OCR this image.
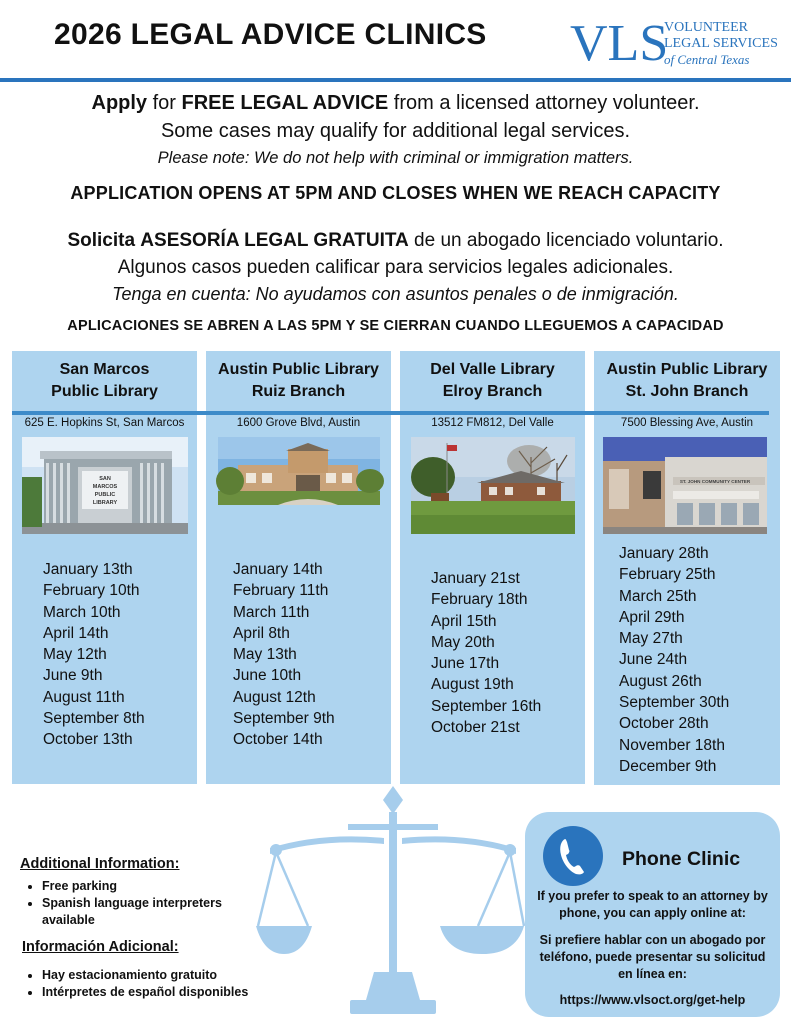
2026 LEGAL ADVICE CLINICS VLS
VOLUNTEER
LEGAL SERVICES
of Central Texas
Apply for FREE LEGAL ADVICE from a licensed attorney volunteer.
Some cases may qualify for additional legal services.
Please note: We do not help with criminal or immigration matters.
APPLICATION OPENS AT 5PM AND CLOSES WHEN WE REACH CAPACITY
Solicita ASESORÍA LEGAL GRATUITA de un abogado licenciado voluntario.
Algunos casos pueden calificar para servicios legales adicionales.
Tenga en cuenta: No ayudamos con asuntos penales o de inmigración.
APLICACIONES SE ABREN A LAS 5PM Y SE CIERRAN CUANDO LLEGUEMOS A CAPACIDAD
San Marcos
Public Library
625 E. Hopkins St, San Marcos
SAN
MARCOS
PUBLIC
LIBRARY
January 13th
February 10th
March 10th
April 14th
May 12th
June 9th
August 11th
September 8th
October 13th
Austin Public Library
Ruiz Branch
1600 Grove Blvd, Austin
January 14th
February 11th
March 11th
April 8th
May 13th
June 10th
August 12th
September 9th
October 14th
Del Valle Library
Elroy Branch
13512 FM812, Del Valle
January 21st
February 18th
April 15th
May 20th
June 17th
August 19th
September 16th
October 21st
Austin Public Library
St. John Branch
7500 Blessing Ave, Austin
ST. JOHN COMMUNITY CENTER
January 28th
February 25th
March 25th
April 29th
May 27th
June 24th
August 26th
September 30th
October 28th
November 18th
December 9th
Additional Information:
• Free parking
• Spanish language interpreters available
Información Adicional:
• Hay estacionamiento gratuito
• Intérpretes de español disponibles
Phone Clinic
If you prefer to speak to an attorney by phone, you can apply online at:
Si prefiere hablar con un abogado por teléfono, puede presentar su solicitud en línea en:
https://www.vlsoct.org/get-help
